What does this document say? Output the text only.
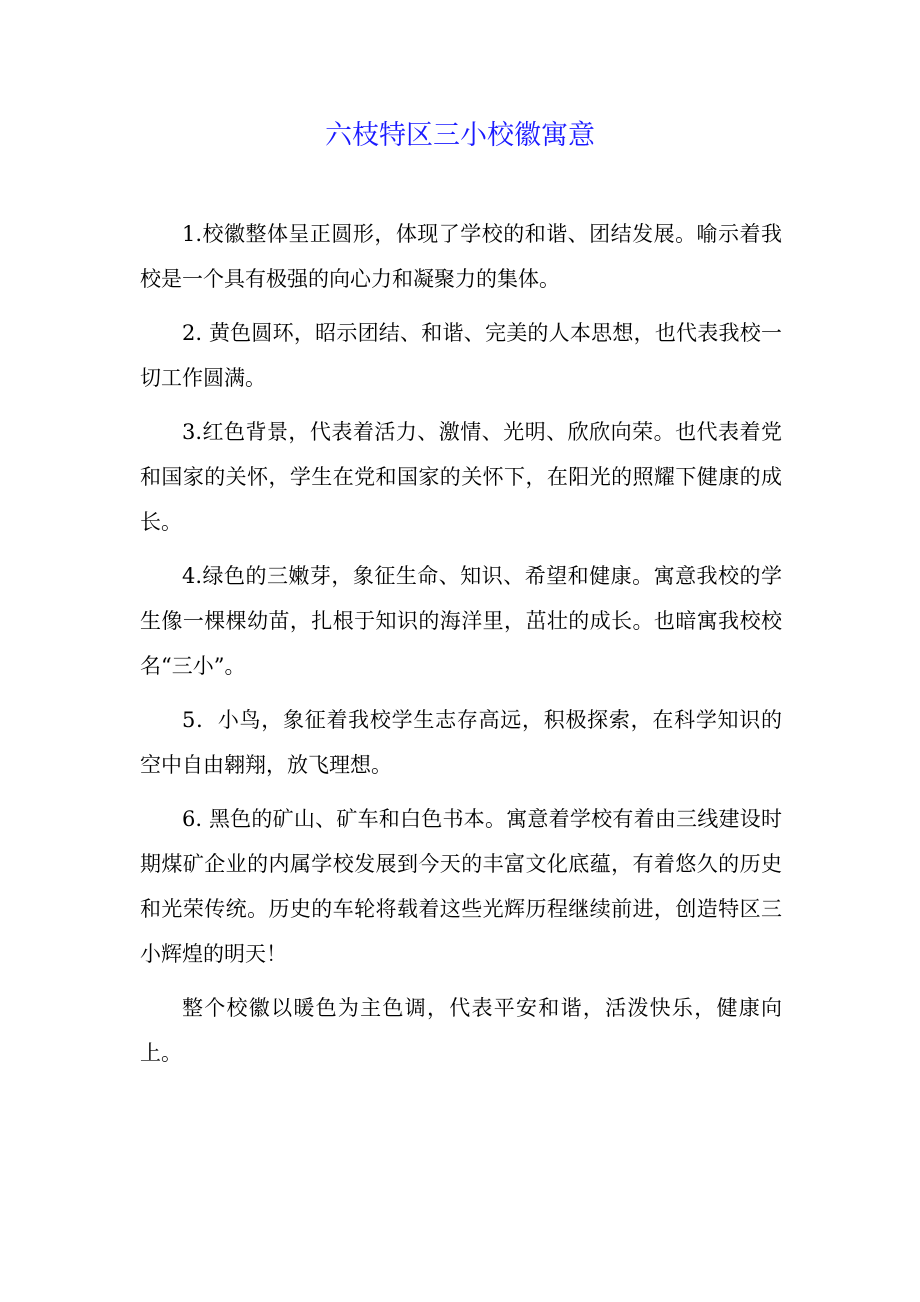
六枝特区三小校徽寓意

1.校徽整体呈正圆形，体现了学校的和谐、团结发展。喻示着我校是一个具有极强的向心力和凝聚力的集体。

2. 黄色圆环，昭示团结、和谐、完美的人本思想，也代表我校一切工作圆满。

3.红色背景，代表着活力、激情、光明、欣欣向荣。也代表着党和国家的关怀，学生在党和国家的关怀下，在阳光的照耀下健康的成长。

4.绿色的三嫩芽，象征生命、知识、希望和健康。寓意我校的学生像一棵棵幼苗，扎根于知识的海洋里，茁壮的成长。也暗寓我校校名“三小”。

5．小鸟，象征着我校学生志存高远，积极探索，在科学知识的空中自由翱翔，放飞理想。

6. 黑色的矿山、矿车和白色书本。寓意着学校有着由三线建设时期煤矿企业的内属学校发展到今天的丰富文化底蕴，有着悠久的历史和光荣传统。历史的车轮将载着这些光辉历程继续前进，创造特区三小辉煌的明天！

整个校徽以暖色为主色调，代表平安和谐，活泼快乐，健康向上。
